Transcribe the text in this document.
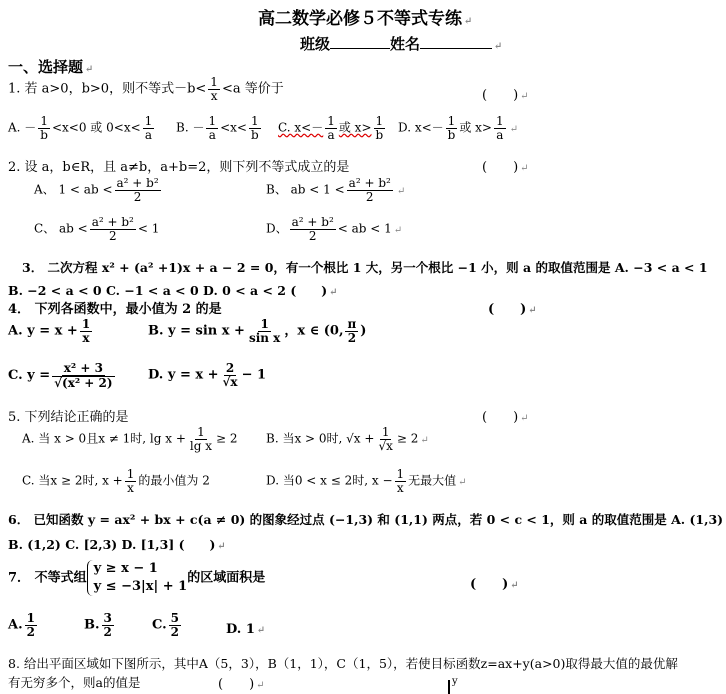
高二数学必修５不等式专练 ↵
班级	姓名	↵
一、选择题 ↵
1. 若 a>0，b>0，则不等式$-b< \frac{1}{x} <a$ 等价于	(　　) ↵
A. － $\frac{1}{b} <x<0$ 或 $0<x< \frac{1}{a} B$. － $\frac{1}{a} <x< \frac{1}{b} C$. $x<- \frac{1}{a}$ 或 $x> \frac{1}{b} D$. $x<- \frac{1}{b}$ 或 $x> \frac{1}{a}$ ↵
2. 设 a，b∈R，且 a≠b，a+b=2，则下列不等式成立的是	(　　) ↵
A、 1 < ab < $\frac{\text{a² + b²}}{2}$	B、 ab < $1 < \frac{\text{a² + b²}}{2}$ ↵
C、 ab < $\frac{\text{a² + b²}}{2} < 1$	D、 $\frac{\text{a² + b²}}{2}$ < ab < 1 ↵
3． 二次方程 x² + (a² +1)x + a − 2 = 0，有一个根比 1 大，另一个根比 −1 小，则 a 的取值范围是 A. −3 < a < 1
B. −2 < a < 0 C. −1 < a < 0 D. 0 < a < 2 (　　) ↵
4． 下列各函数中，最小值为 2 的是	(　　) ↵
A. $y = x + \frac{1}{x}$	B. $y = \sin x + \frac{1}{\text{sin x}}$ ，x ∈ (0, $\frac{\pi}{2}$ )
C. $y = \frac{\text{x² + 3}}{\text{√(x² + 2)}}$	D. $y = x + \frac{2}{√x} - 1$
5. 下列结论正确的是	(　　) ↵
A. 当 x > 0且x ≠ 1时, $\lg x + \frac{1}{\text{lg x}} \ge 2$ B. 当x > 0时, $√x + \frac{1}{√x} \ge 2$ ↵
C. 当x ≥ 2时, $x + \frac{1}{x}$ 的最小值为 2	D. 当0 < x ≤ 2时, $x - \frac{1}{x}$ 无最大值 ↵
6． 已知函数 y = ax² + bx + c(a ≠ 0) 的图象经过点 (−1,3) 和 (1,1) 两点，若 0 < c < 1，则 a 的取值范围是 A. (1,3)
B. (1,2) C. [2,3) D. [1,3] (　　) ↵
7． 不等式组
y ≥ x − 1
y ≤ −3|x| + 1
的区域面积是	(　　) ↵
A. $\frac{1}{2}$	B. $\frac{3}{2}$	C. $\frac{5}{2}$	D. 1 ↵
8. 给出平面区域如下图所示，其中A（5，3），B（1，1），C（1，5），若使目标函数z=ax+y(a>0)取得最大值的最优解
有无穷多个，则a的值是	(　　) ↵	y
